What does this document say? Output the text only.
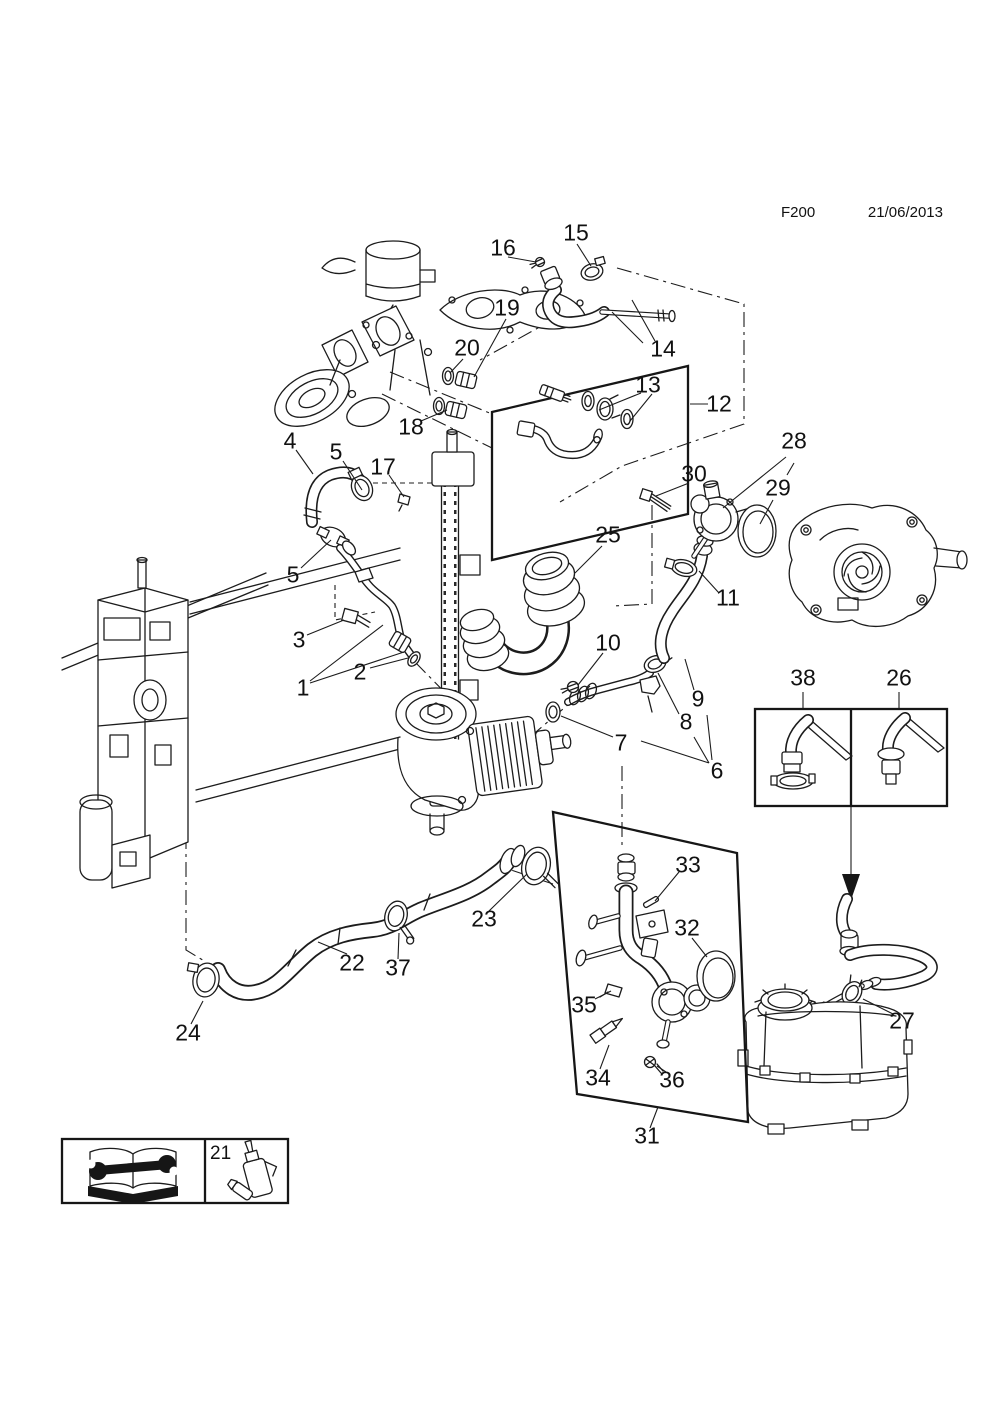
F200	21/06/2013
21
1
2
3
4 5
5
6
7
8
9
10
11
12
13
14
15
16
17
18
19
20
22
23
24
25
26
27
28
29
30
31
32
33
34
35
36
37
38
